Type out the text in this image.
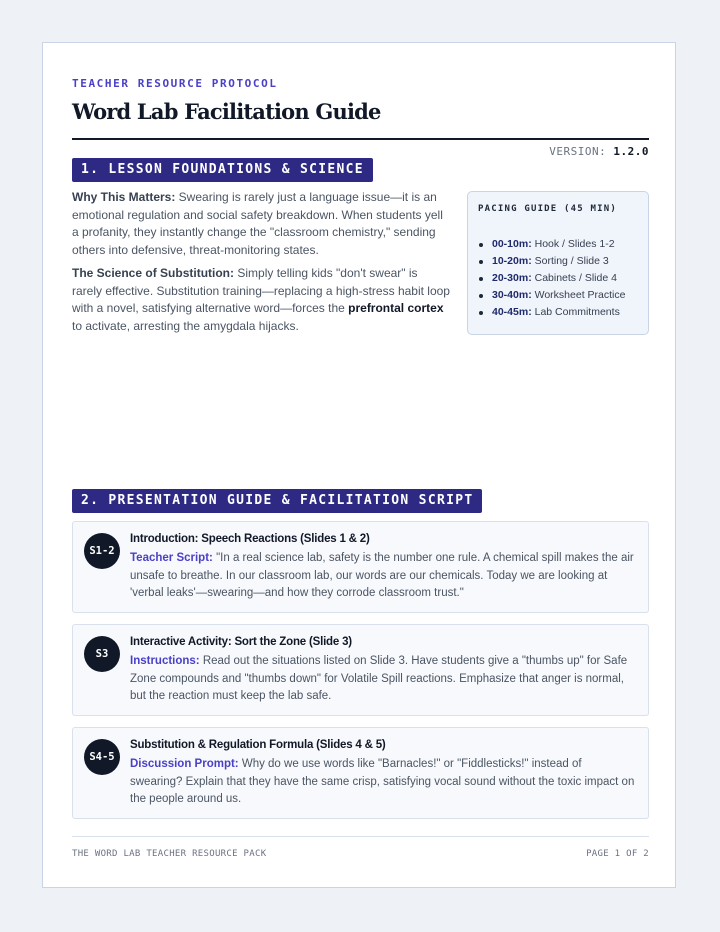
TEACHER RESOURCE PROTOCOL
Word Lab Facilitation Guide
VERSION: 1.2.0
1. LESSON FOUNDATIONS & SCIENCE

Why This Matters: Swearing is rarely just a language issue—it is an emotional regulation and social safety breakdown. When students yell a profanity, they instantly change the "classroom chemistry," sending others into defensive, threat-monitoring states.

The Science of Substitution: Simply telling kids "don't swear" is rarely effective. Substitution training—replacing a high-stress habit loop with a novel, satisfying alternative word—forces the prefrontal cortex to activate, arresting the amygdala hijacks.

PACING GUIDE (45 MIN)
00-10m: Hook / Slides 1-2
10-20m: Sorting / Slide 3
20-30m: Cabinets / Slide 4
30-40m: Worksheet Practice
40-45m: Lab Commitments
2. PRESENTATION GUIDE & FACILITATION SCRIPT
S1-2
Introduction: Speech Reactions (Slides 1 & 2)
Teacher Script: "In a real science lab, safety is the number one rule. A chemical spill makes the air unsafe to breathe. In our classroom lab, our words are our chemicals. Today we are looking at 'verbal leaks'—swearing—and how they corrode classroom trust."
S3
Interactive Activity: Sort the Zone (Slide 3)
Instructions: Read out the situations listed on Slide 3. Have students give a "thumbs up" for Safe Zone compounds and "thumbs down" for Volatile Spill reactions. Emphasize that anger is normal, but the reaction must keep the lab safe.
S4-5
Substitution & Regulation Formula (Slides 4 & 5)
Discussion Prompt: Why do we use words like "Barnacles!" or "Fiddlesticks!" instead of swearing? Explain that they have the same crisp, satisfying vocal sound without the toxic impact on the people around us.
THE WORD LAB TEACHER RESOURCE PACK	PAGE 1 OF 2
